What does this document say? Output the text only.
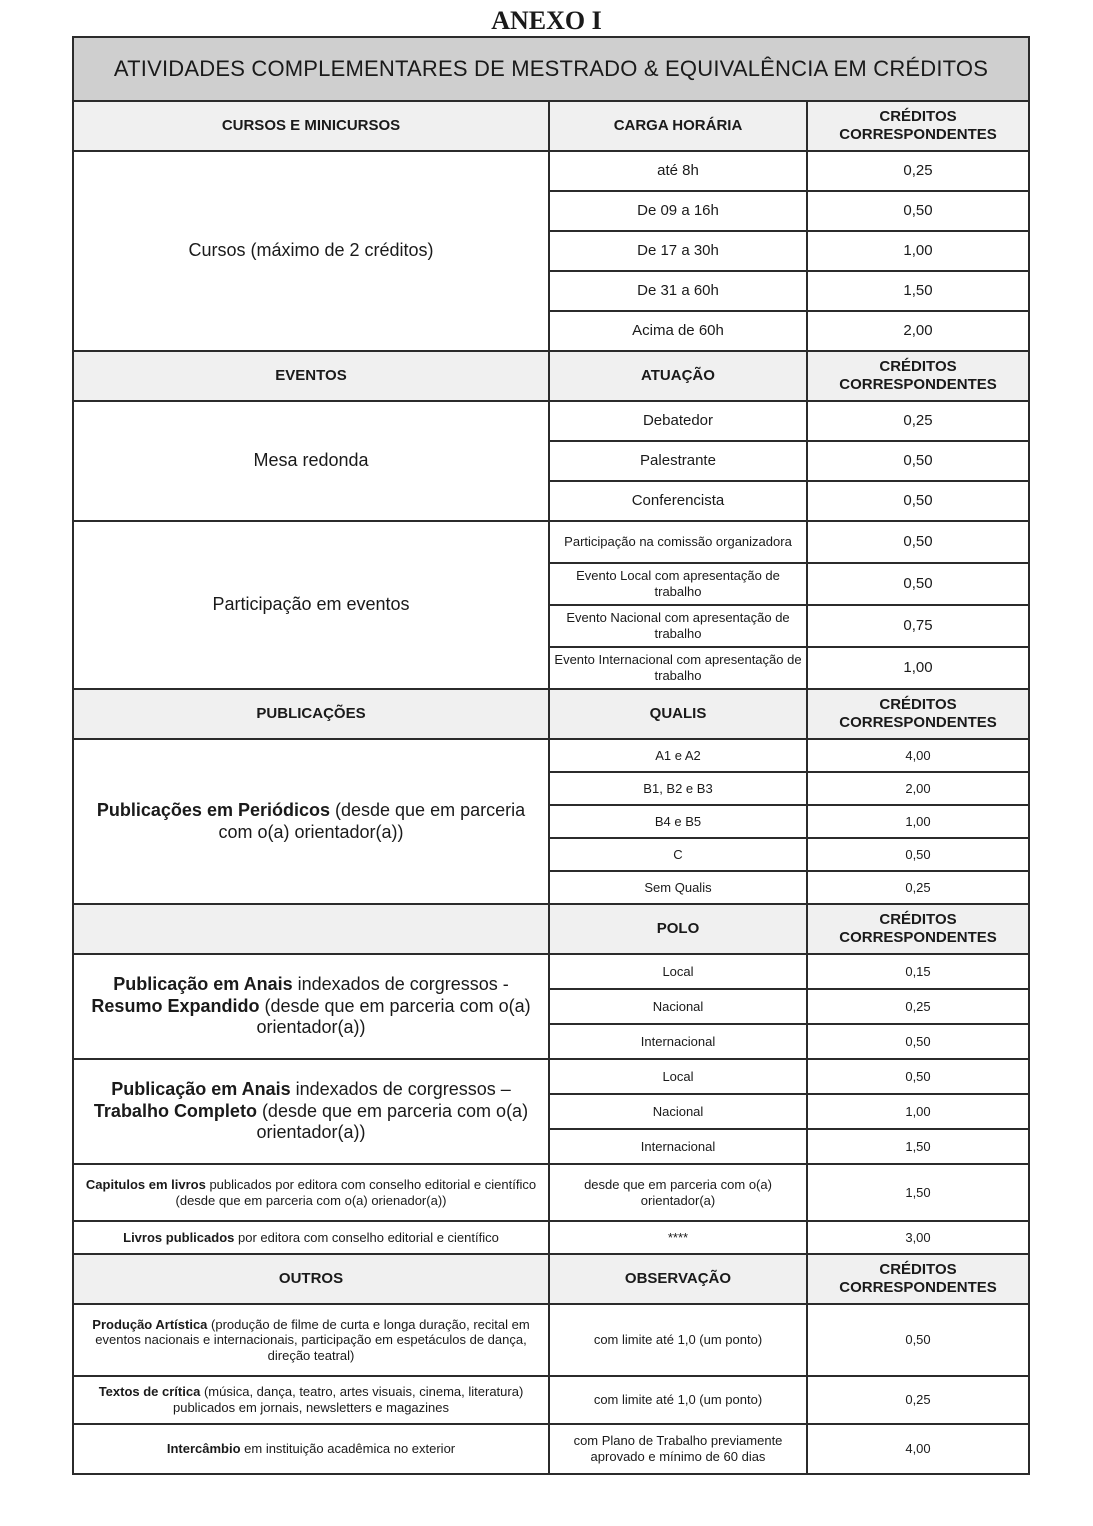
ANEXO I
ATIVIDADES COMPLEMENTARES DE MESTRADO & EQUIVALÊNCIA EM CRÉDITOS		
CURSOS E MINICURSOS	CARGA HORÁRIA	CRÉDITOS CORRESPONDENTES
Cursos (máximo de 2 créditos)	até 8h	0,25
	De 09 a 16h	0,50
	De 17 a 30h	1,00
	De 31 a 60h	1,50
	Acima de 60h	2,00
EVENTOS	ATUAÇÃO	CRÉDITOS CORRESPONDENTES
Mesa redonda	Debatedor	0,25
	Palestrante	0,50
	Conferencista	0,50
Participação em eventos	Participação na comissão organizadora	0,50
	Evento Local com apresentação de trabalho	0,50
	Evento Nacional com apresentação de trabalho	0,75
	Evento Internacional com apresentação de trabalho	1,00
PUBLICAÇÕES	QUALIS	CRÉDITOS CORRESPONDENTES
Publicações em Periódicos (desde que em parceria com o(a) orientador(a))	A1 e A2	4,00
	B1, B2 e B3	2,00
	B4 e B5	1,00
	C	0,50
	Sem Qualis	0,25
	POLO	CRÉDITOS CORRESPONDENTES
Publicação em Anais indexados de corgressos - Resumo Expandido (desde que em parceria com o(a) orientador(a))	Local	0,15
	Nacional	0,25
	Internacional	0,50
Publicação em Anais indexados de corgressos – Trabalho Completo (desde que em parceria com o(a) orientador(a))	Local	0,50
	Nacional	1,00
	Internacional	1,50
Capitulos em livros publicados por editora com conselho editorial e científico (desde que em parceria com o(a) orienador(a))	desde que em parceria com o(a) orientador(a)	1,50
Livros publicados por editora com conselho editorial e científico	****	3,00
OUTROS	OBSERVAÇÃO	CRÉDITOS CORRESPONDENTES
Produção Artística (produção de filme de curta e longa duração, recital em eventos nacionais e internacionais, participação em espetáculos de dança, direção teatral)	com limite até 1,0 (um ponto)	0,50
Textos de crítica (música, dança, teatro, artes visuais, cinema, literatura) publicados em jornais, newsletters e magazines	com limite até 1,0 (um ponto)	0,25
Intercâmbio em instituição acadêmica no exterior	com Plano de Trabalho previamente aprovado e mínimo de 60 dias	4,00
